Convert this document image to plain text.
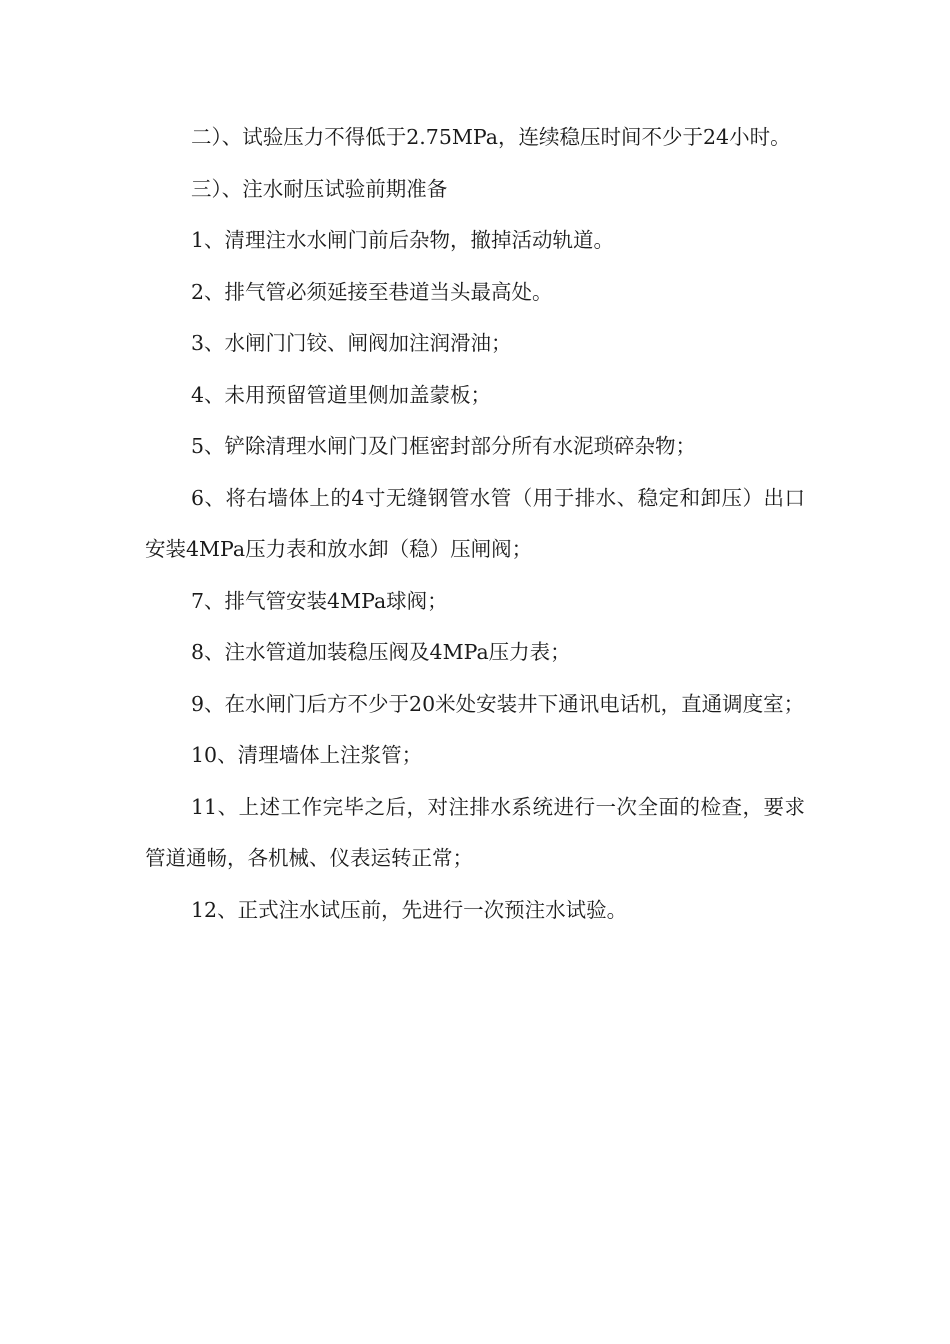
二）、试验压力不得低于2.75MPa，连续稳压时间不少于24小时。

三）、注水耐压试验前期准备

1、清理注水水闸门前后杂物，撤掉活动轨道。

2、排气管必须延接至巷道当头最高处。

3、水闸门门铰、闸阀加注润滑油；

4、未用预留管道里侧加盖蒙板；

5、铲除清理水闸门及门框密封部分所有水泥琐碎杂物；

6、将右墙体上的4寸无缝钢管水管（用于排水、稳定和卸压）出口安装4MPa压力表和放水卸（稳）压闸阀；

7、排气管安装4MPa球阀；

8、注水管道加装稳压阀及4MPa压力表；

9、在水闸门后方不少于20米处安装井下通讯电话机，直通调度室；

10、清理墙体上注浆管；

11、上述工作完毕之后，对注排水系统进行一次全面的检查，要求管道通畅，各机械、仪表运转正常；

12、正式注水试压前，先进行一次预注水试验。
